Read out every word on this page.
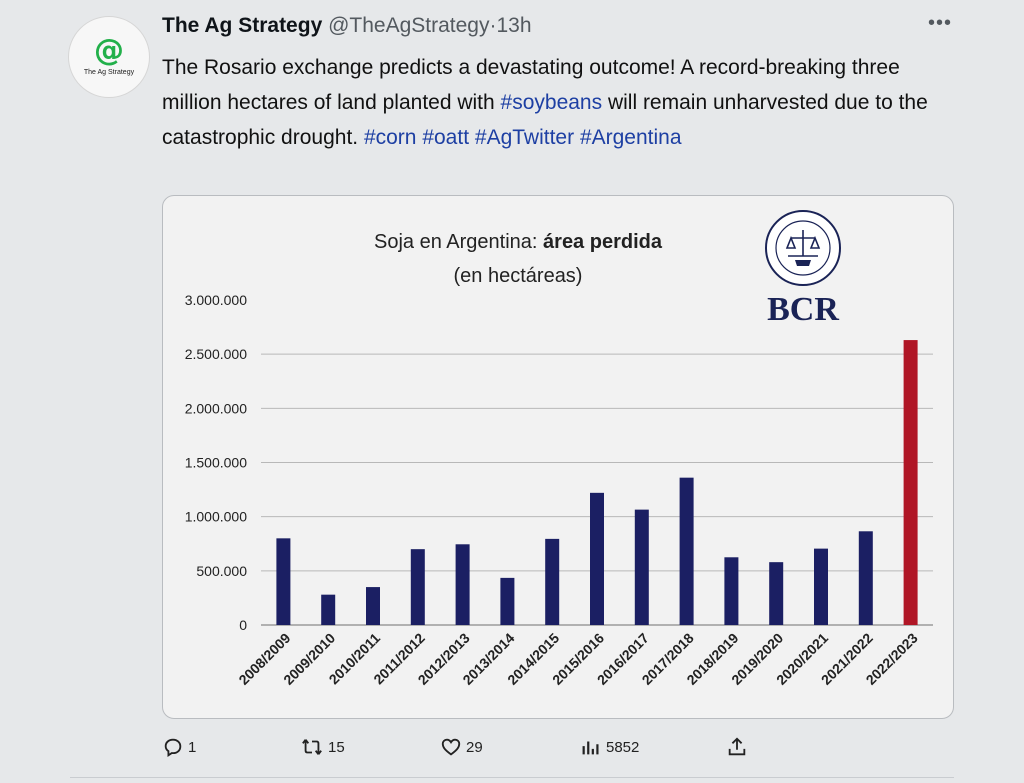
@
The Ag Strategy
The Ag Strategy @TheAgStrategy·13h	•••
The Rosario exchange predicts a devastating outcome! A record-breaking three million hectares of land planted with #soybeans will remain unharvested due to the catastrophic drought. #corn #oatt #AgTwitter #Argentina
Soja en Argentina: área perdida
(en hectáreas)
BCR
0
500.000
1.000.000
1.500.000
2.000.000
2.500.000
3.000.000
2008/2009
2009/2010
2010/2011
2011/2012
2012/2013
2013/2014
2014/2015
2015/2016
2016/2017
2017/2018
2018/2019
2019/2020
2020/2021
2021/2022
2022/2023
1	15	29	5852
